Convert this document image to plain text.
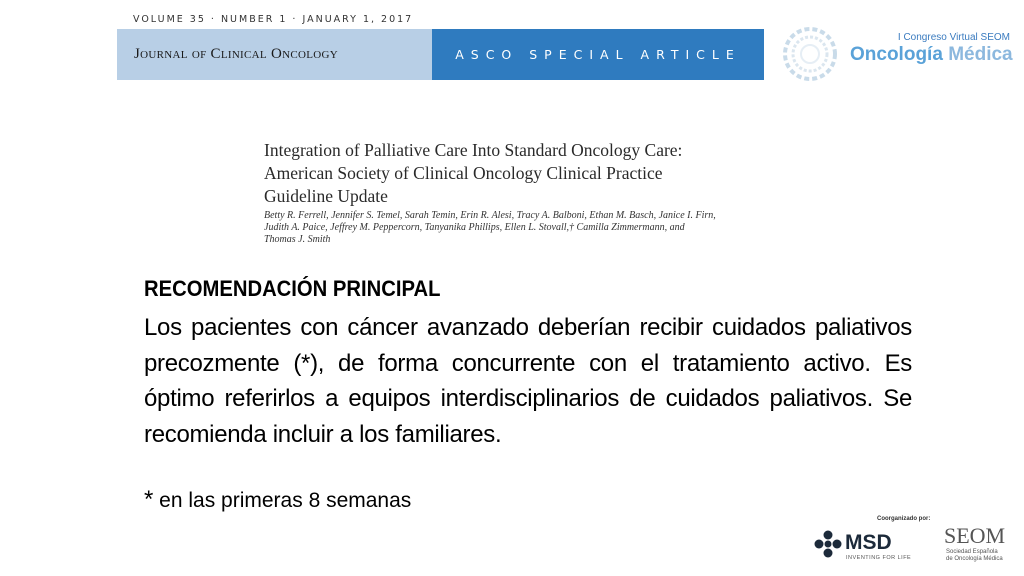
VOLUME 35 · NUMBER 1 · JANUARY 1, 2017
Journal of Clinical Oncology	ASCO SPECIAL ARTICLE
I Congreso Virtual SEOM
Oncología Médica
Integration of Palliative Care Into Standard Oncology Care:
American Society of Clinical Oncology Clinical Practice
Guideline Update
Betty R. Ferrell, Jennifer S. Temel, Sarah Temin, Erin R. Alesi, Tracy A. Balboni, Ethan M. Basch, Janice I. Firn,
Judith A. Paice, Jeffrey M. Peppercorn, Tanyanika Phillips, Ellen L. Stovall,† Camilla Zimmermann, and
Thomas J. Smith
RECOMENDACIÓN PRINCIPAL
Los pacientes con cáncer avanzado deberían recibir cuidados paliativos precozmente (*), de forma concurrente con el tratamiento activo. Es óptimo referirlos a equipos interdisciplinarios de cuidados paliativos. Se recomienda incluir a los familiares.
* en las primeras 8 semanas
Coorganizado por:
MSD
INVENTING FOR LIFE
SEOM
Sociedad Española
de Oncología Médica
